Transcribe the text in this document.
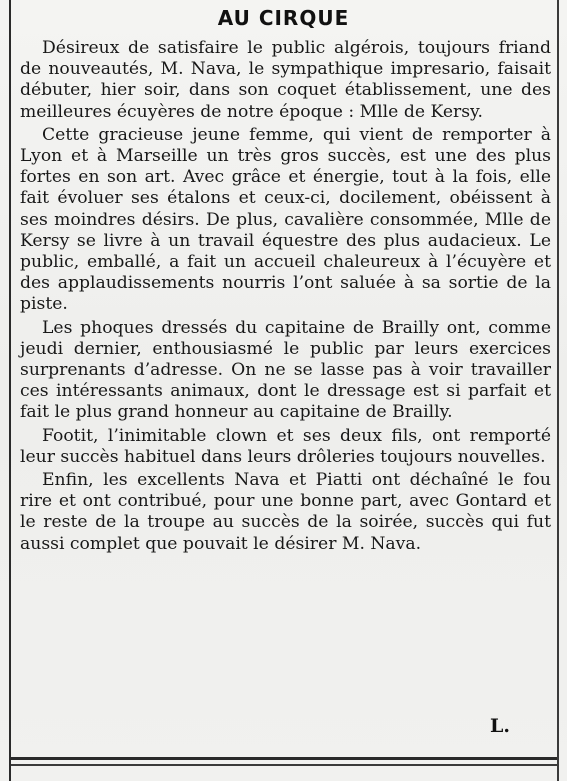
AU CIRQUE

Désireux de satisfaire le public algérois, toujours friand de nouveautés, M. Nava, le sympathique impresario, faisait débuter, hier soir, dans son coquet établissement, une des meilleures écuyères de notre époque : Mlle de Kersy.

Cette gracieuse jeune femme, qui vient de remporter à Lyon et à Marseille un très gros succès, est une des plus fortes en son art. Avec grâce et énergie, tout à la fois, elle fait évoluer ses étalons et ceux-ci, docilement, obéissent à ses moindres désirs. De plus, cavalière consommée, Mlle de Kersy se livre à un travail équestre des plus audacieux. Le public, emballé, a fait un accueil chaleureux à l’écuyère et des applaudissements nourris l’ont saluée à sa sortie de la piste.

Les phoques dressés du capitaine de Brailly ont, comme jeudi dernier, enthousiasmé le public par leurs exercices surprenants d’adresse. On ne se lasse pas à voir travailler ces intéressants animaux, dont le dressage est si parfait et fait le plus grand honneur au capitaine de Brailly.

Footit, l’inimitable clown et ses deux fils, ont remporté leur succès habituel dans leurs drôleries toujours nouvelles.

Enfin, les excellents Nava et Piatti ont déchaîné le fou rire et ont contribué, pour une bonne part, avec Gontard et le reste de la troupe au succès de la soirée, succès qui fut aussi complet que pouvait le désirer M. Nava.

L.
